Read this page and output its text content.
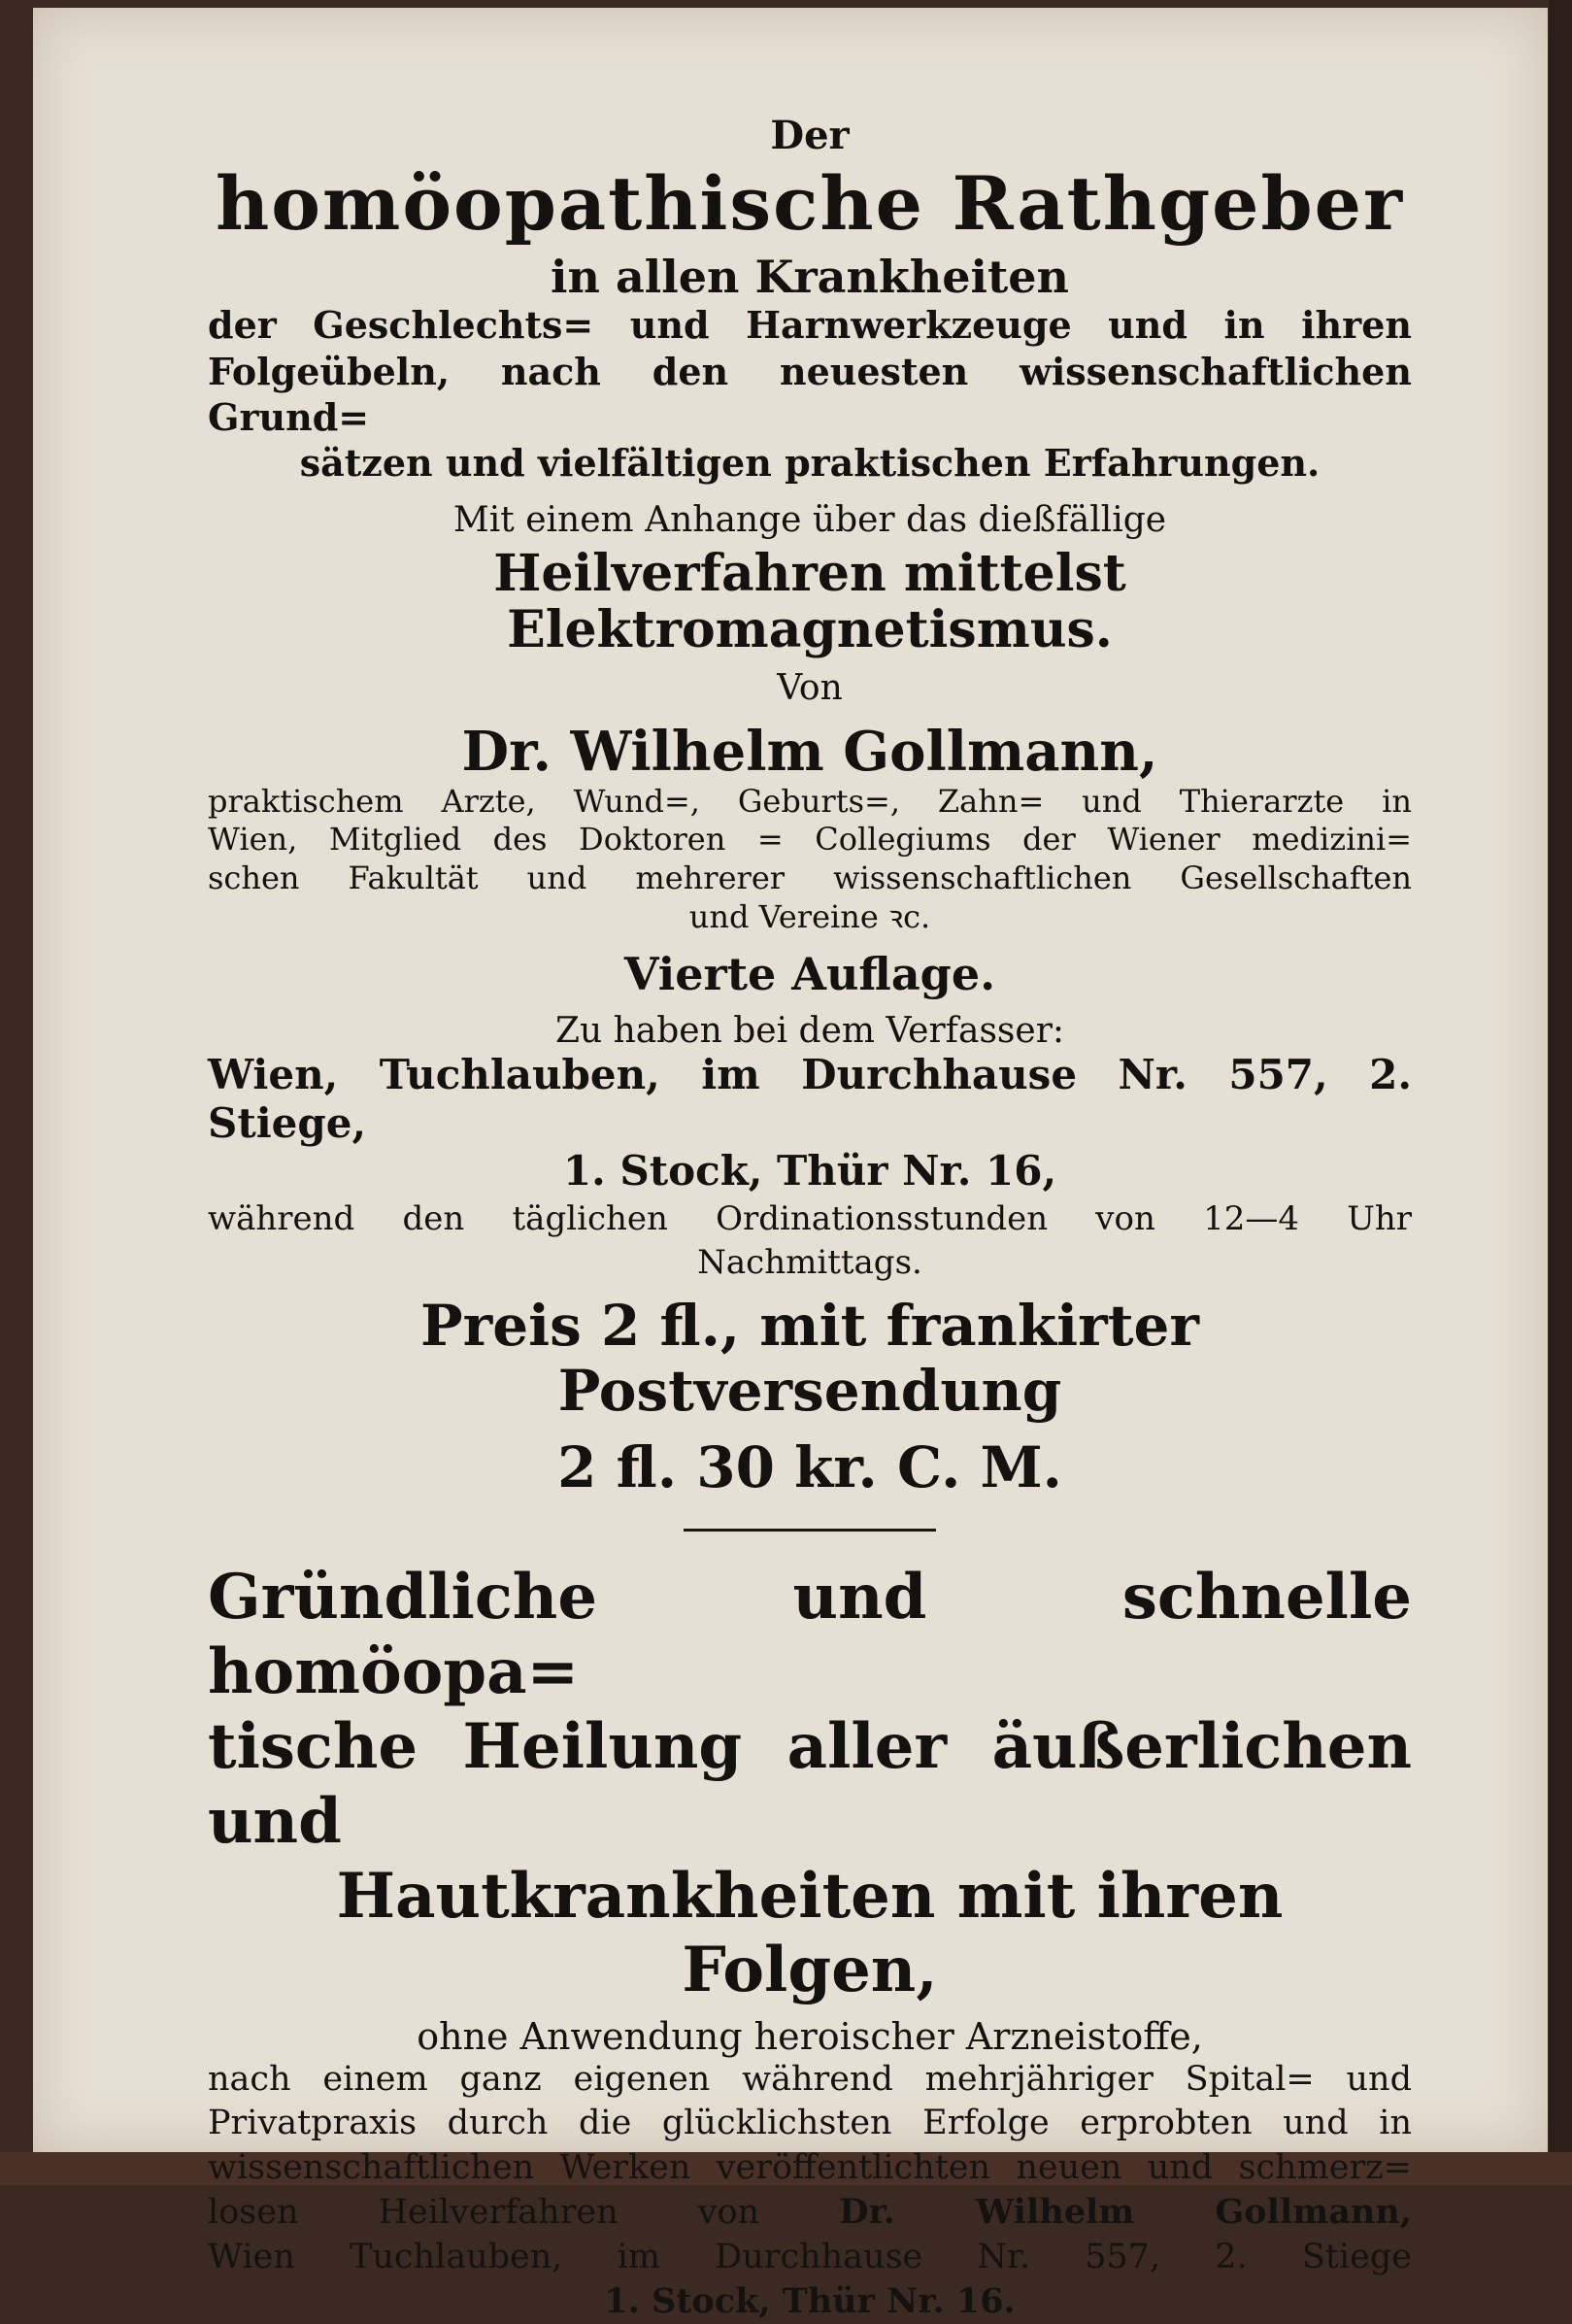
Der

homöopathische Rathgeber

in allen Krankheiten

der Geschlechts= und Harnwerkzeuge und in ihren

Folgeübeln, nach den neuesten wissenschaftlichen Grund=

sätzen und vielfältigen praktischen Erfahrungen.

Mit einem Anhange über das dießfällige

Heilverfahren mittelst Elektromagnetismus.

Von

Dr. Wilhelm Gollmann,

praktischem Arzte, Wund=, Geburts=, Zahn= und Thierarzte in

Wien, Mitglied des Doktoren = Collegiums der Wiener medizini=

schen Fakultät und mehrerer wissenschaftlichen Gesellschaften

und Vereine ꝛc.

Vierte Auflage.

Zu haben bei dem Verfasser:

Wien, Tuchlauben, im Durchhause Nr. 557, 2. Stiege,

1. Stock, Thür Nr. 16,

während den täglichen Ordinationsstunden von 12—4 Uhr

Nachmittags.

Preis 2 fl., mit frankirter Postversendung

2 fl. 30 kr. C. M.

Gründliche und schnelle homöopa=

tische Heilung aller äußerlichen und

Hautkrankheiten mit ihren Folgen,

ohne Anwendung heroischer Arzneistoffe,

nach einem ganz eigenen während mehrjähriger Spital= und

Privatpraxis durch die glücklichsten Erfolge erprobten und in

wissenschaftlichen Werken veröffentlichten neuen und schmerz=

losen Heilverfahren von Dr. Wilhelm Gollmann,

Wien Tuchlauben, im Durchhause Nr. 557, 2. Stiege

1. Stock, Thür Nr. 16.
